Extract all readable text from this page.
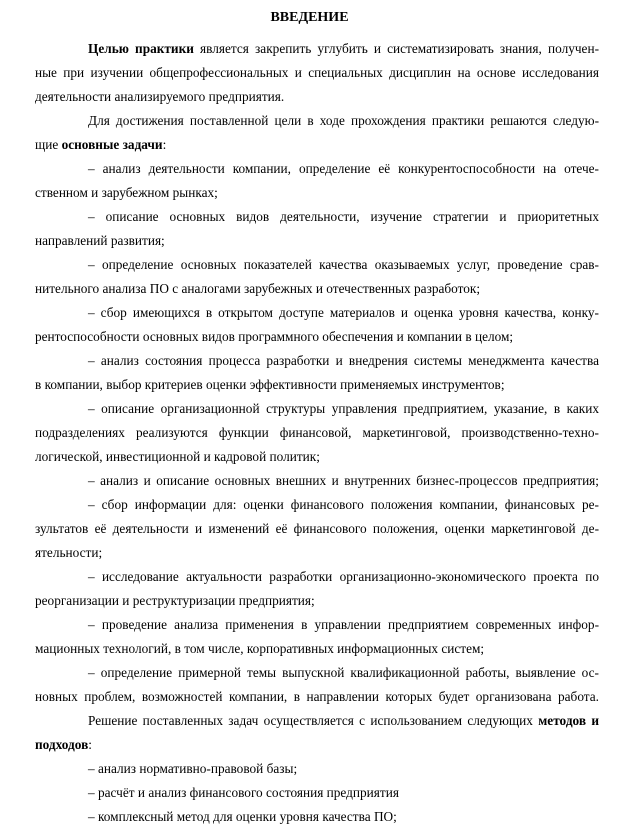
ВВЕДЕНИЕ
Целью практики является закрепить углубить и систематизировать знания, получен-
ные при изучении общепрофессиональных и специальных дисциплин на основе исследования
деятельности анализируемого предприятия.
Для достижения поставленной цели в ходе прохождения практики решаются следую-
щие основные задачи:
– анализ деятельности компании, определение её конкурентоспособности на отече-
ственном и зарубежном рынках;
– описание основных видов деятельности, изучение стратегии и приоритетных
направлений развития;
– определение основных показателей качества оказываемых услуг, проведение срав-
нительного анализа ПО с аналогами зарубежных и отечественных разработок;
– сбор имеющихся в открытом доступе материалов и оценка уровня качества, конку-
рентоспособности основных видов программного обеспечения и компании в целом;
– анализ состояния процесса разработки и внедрения системы менеджмента качества
в компании, выбор критериев оценки эффективности применяемых инструментов;
– описание организационной структуры управления предприятием, указание, в каких
подразделениях реализуются функции финансовой, маркетинговой, производственно-техно-
логической, инвестиционной и кадровой политик;
– анализ и описание основных внешних и внутренних бизнес-процессов предприятия;
– сбор информации для: оценки финансового положения компании, финансовых ре-
зультатов её деятельности и изменений её финансового положения, оценки маркетинговой де-
ятельности;
– исследование актуальности разработки организационно-экономического проекта по
реорганизации и реструктуризации предприятия;
– проведение анализа применения в управлении предприятием современных инфор-
мационных технологий, в том числе, корпоративных информационных систем;
– определение примерной темы выпускной квалификационной работы, выявление ос-
новных проблем, возможностей компании, в направлении которых будет организована работа.
Решение поставленных задач осуществляется с использованием следующих методов и
подходов:
– анализ нормативно-правовой базы;
– расчёт и анализ финансового состояния предприятия
– комплексный метод для оценки уровня качества ПО;
